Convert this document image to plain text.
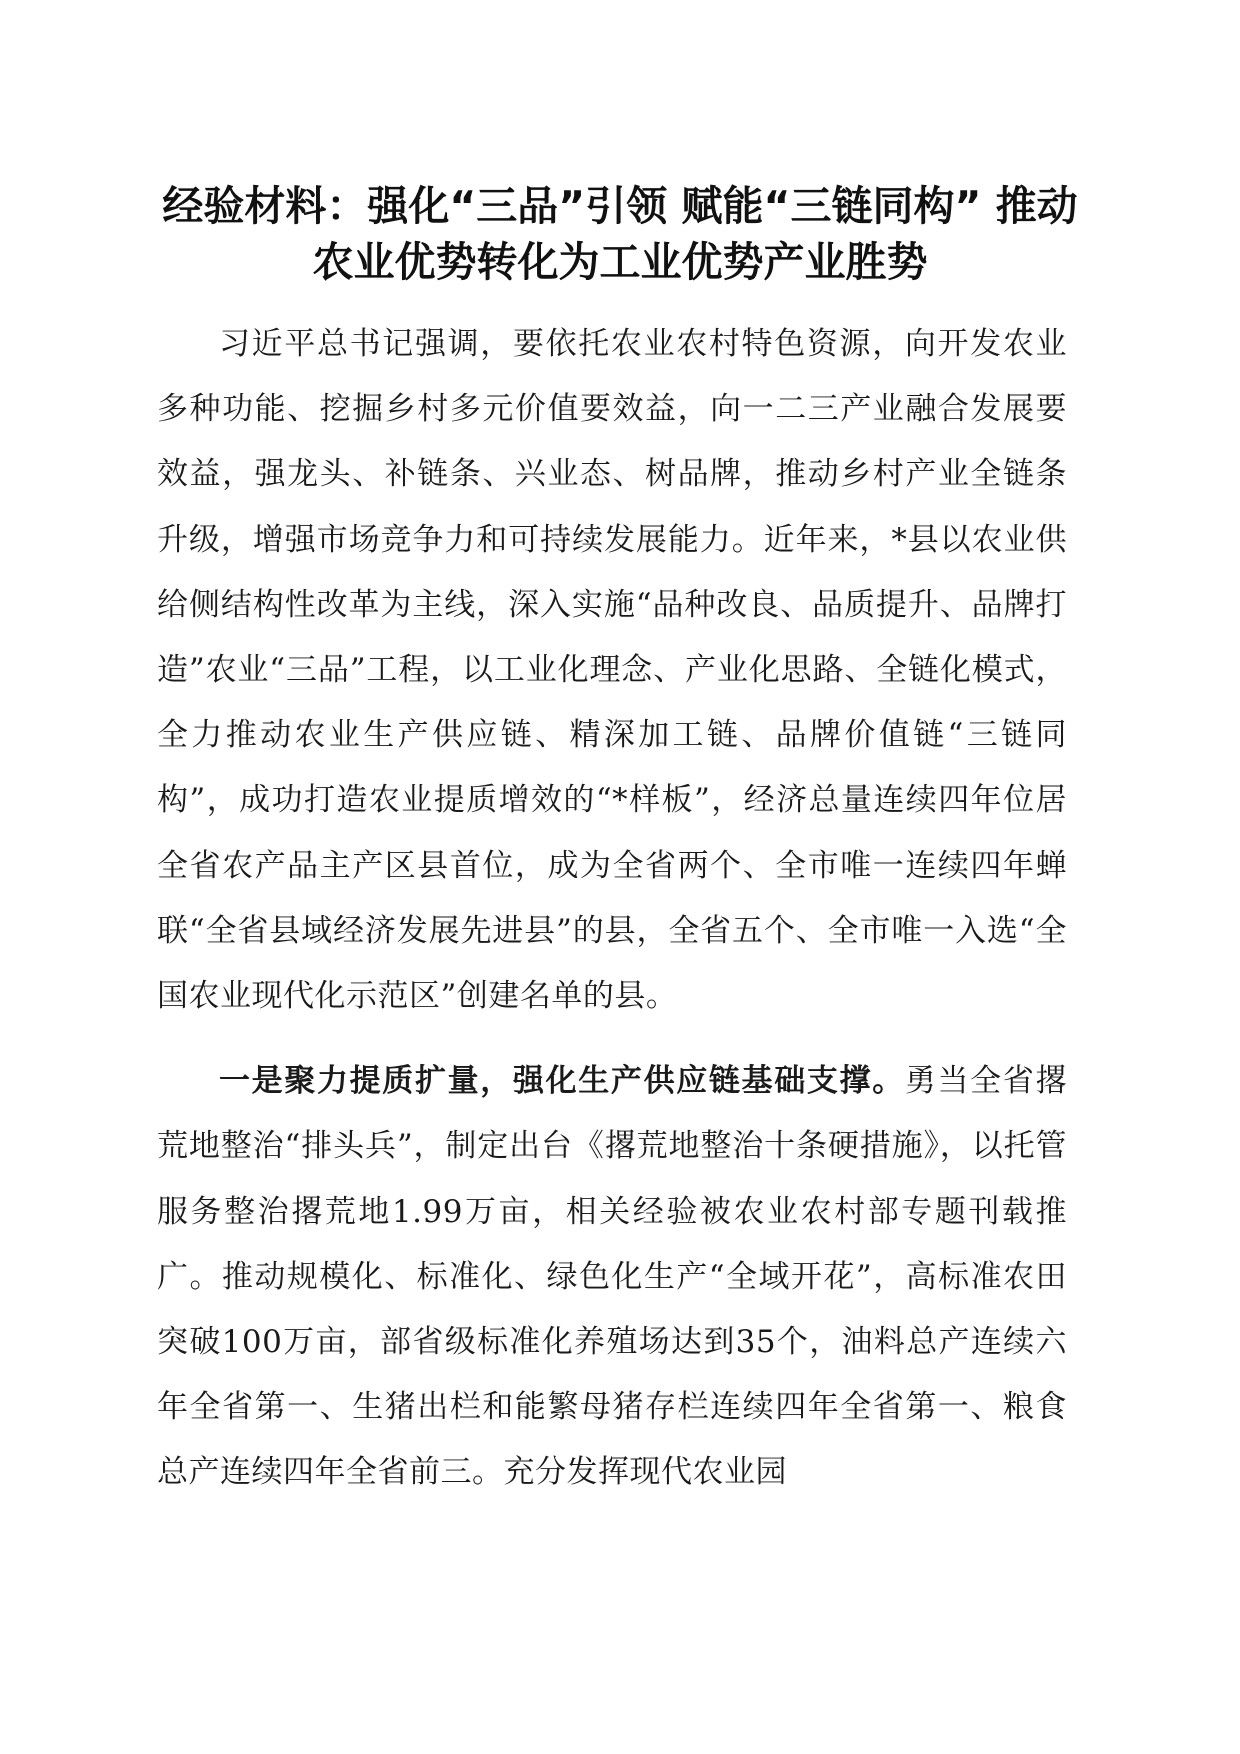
经验材料：强化“三品”引领 赋能“三链同构” 推动农业优势转化为工业优势产业胜势

习近平总书记强调，要依托农业农村特色资源，向开发农业多种功能、挖掘乡村多元价值要效益，向一二三产业融合发展要效益，强龙头、补链条、兴业态、树品牌，推动乡村产业全链条升级，增强市场竞争力和可持续发展能力。近年来，*县以农业供给侧结构性改革为主线，深入实施“品种改良、品质提升、品牌打造”农业“三品”工程，以工业化理念、产业化思路、全链化模式，全力推动农业生产供应链、精深加工链、品牌价值链“三链同构”，成功打造农业提质增效的“*样板”，经济总量连续四年位居全省农产品主产区县首位，成为全省两个、全市唯一连续四年蝉联“全省县域经济发展先进县”的县，全省五个、全市唯一入选“全国农业现代化示范区”创建名单的县。

一是聚力提质扩量，强化生产供应链基础支撑。勇当全省撂荒地整治“排头兵”，制定出台《撂荒地整治十条硬措施》，以托管服务整治撂荒地1.99万亩，相关经验被农业农村部专题刊载推广。推动规模化、标准化、绿色化生产“全域开花”，高标准农田突破100万亩，部省级标准化养殖场达到35个，油料总产连续六年全省第一、生猪出栏和能繁母猪存栏连续四年全省第一、粮食总产连续四年全省前三。充分发挥现代农业园
